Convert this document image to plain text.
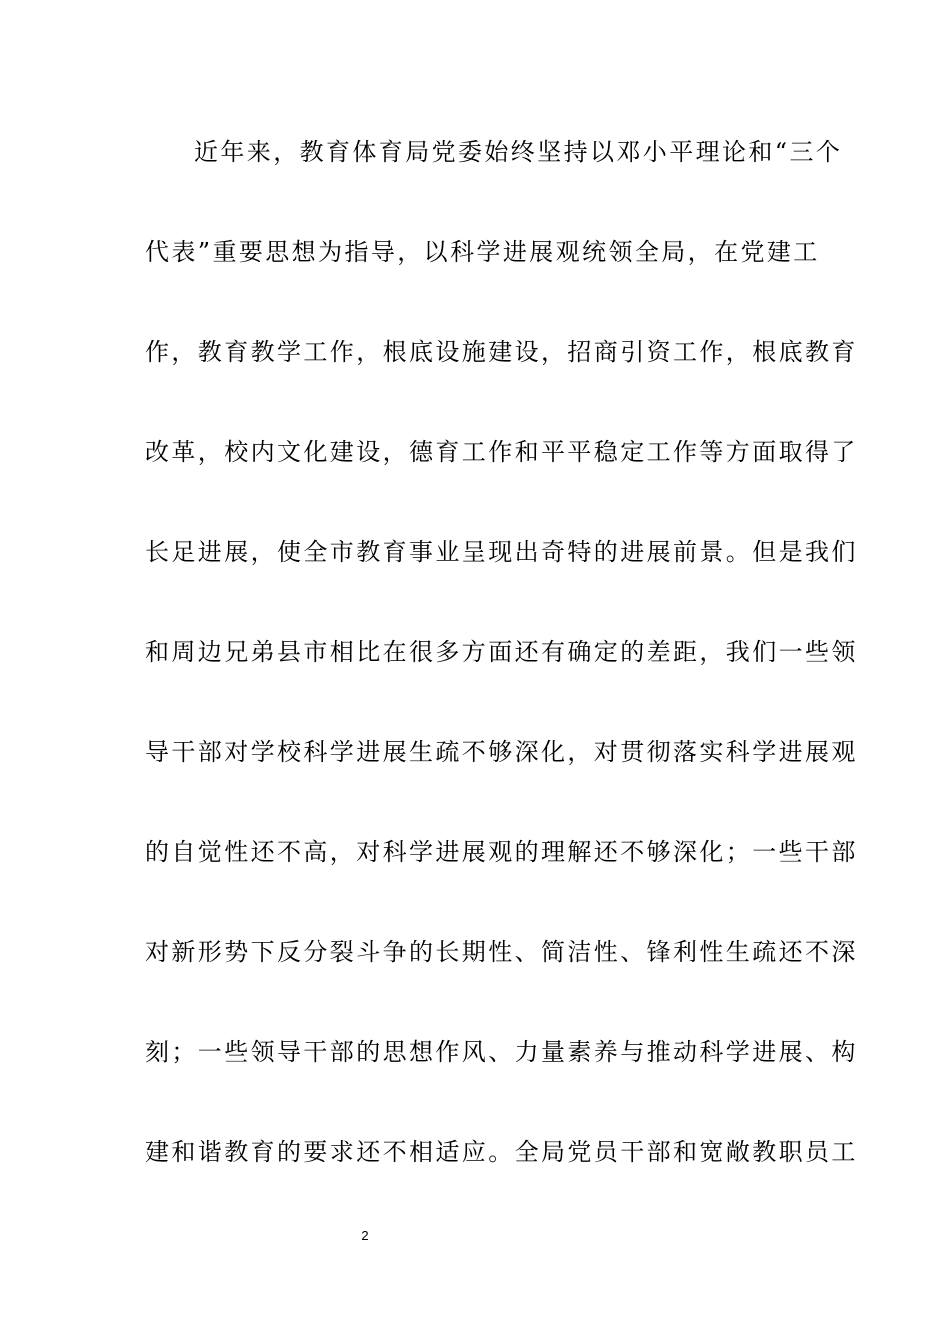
近年来，教育体育局党委始终坚持以邓小平理论和“三个
代表”重要思想为指导，以科学进展观统领全局，在党建工
作，教育教学工作，根底设施建设，招商引资工作，根底教育
改革，校内文化建设，德育工作和平平稳定工作等方面取得了
长足进展，使全市教育事业呈现出奇特的进展前景。但是我们
和周边兄弟县市相比在很多方面还有确定的差距，我们一些领
导干部对学校科学进展生疏不够深化，对贯彻落实科学进展观
的自觉性还不高，对科学进展观的理解还不够深化；一些干部
对新形势下反分裂斗争的长期性、简洁性、锋利性生疏还不深
刻；一些领导干部的思想作风、力量素养与推动科学进展、构
建和谐教育的要求还不相适应。全局党员干部和宽敞教职员工
2
